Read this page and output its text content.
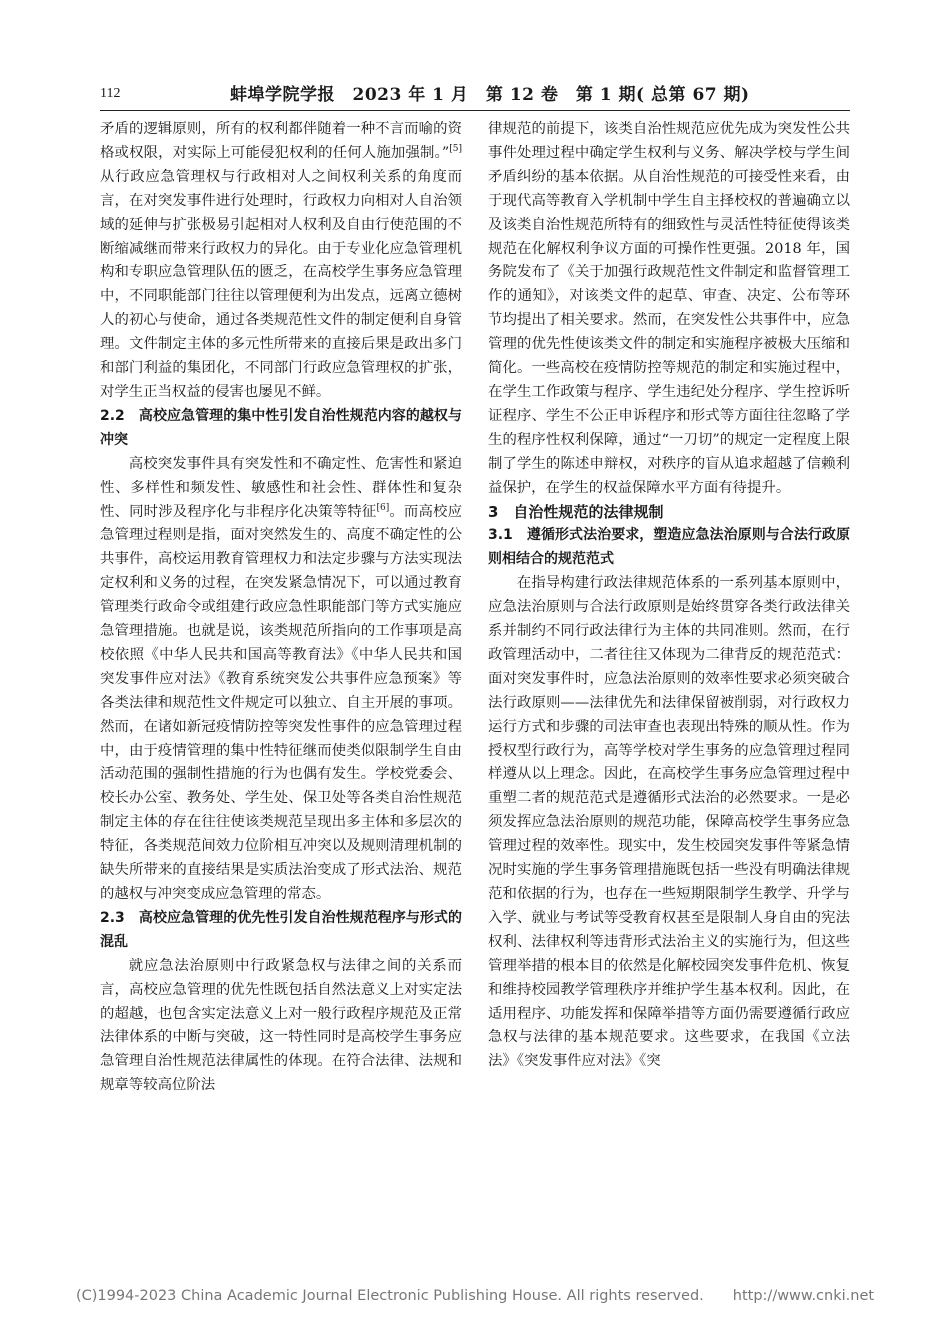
112	蚌埠学院学报　2023 年 1 月　第 12 卷　第 1 期( 总第 67 期)

矛盾的逻辑原则，所有的权利都伴随着一种不言而喻的资格或权限，对实际上可能侵犯权利的任何人施加强制。”[5] 从行政应急管理权与行政相对人之间权利关系的角度而言，在对突发事件进行处理时，行政权力向相对人自治领域的延伸与扩张极易引起相对人权利及自由行使范围的不断缩减继而带来行政权力的异化。由于专业化应急管理机构和专职应急管理队伍的匮乏，在高校学生事务应急管理中，不同职能部门往往以管理便利为出发点，远离立德树人的初心与使命，通过各类规范性文件的制定便利自身管理。文件制定主体的多元性所带来的直接后果是政出多门和部门利益的集团化，不同部门行政应急管理权的扩张，对学生正当权益的侵害也屡见不鲜。

2.2　高校应急管理的集中性引发自治性规范内容的越权与冲突

高校突发事件具有突发性和不确定性、危害性和紧迫性、多样性和频发性、敏感性和社会性、群体性和复杂性、同时涉及程序化与非程序化决策等特征[6]。而高校应急管理过程则是指，面对突然发生的、高度不确定性的公共事件，高校运用教育管理权力和法定步骤与方法实现法定权利和义务的过程，在突发紧急情况下，可以通过教育管理类行政命令或组建行政应急性职能部门等方式实施应急管理措施。也就是说，该类规范所指向的工作事项是高校依照《中华人民共和国高等教育法》《中华人民共和国突发事件应对法》《教育系统突发公共事件应急预案》等各类法律和规范性文件规定可以独立、自主开展的事项。然而，在诸如新冠疫情防控等突发性事件的应急管理过程中，由于疫情管理的集中性特征继而使类似限制学生自由活动范围的强制性措施的行为也偶有发生。学校党委会、校长办公室、教务处、学生处、保卫处等各类自治性规范制定主体的存在往往使该类规范呈现出多主体和多层次的特征，各类规范间效力位阶相互冲突以及规则清理机制的缺失所带来的直接结果是实质法治变成了形式法治、规范的越权与冲突变成应急管理的常态。

2.3　高校应急管理的优先性引发自治性规范程序与形式的混乱

就应急法治原则中行政紧急权与法律之间的关系而言，高校应急管理的优先性既包括自然法意义上对实定法的超越，也包含实定法意义上对一般行政程序规范及正常法律体系的中断与突破，这一特性同时是高校学生事务应急管理自治性规范法律属性的体现。在符合法律、法规和规章等较高位阶法

律规范的前提下，该类自治性规范应优先成为突发性公共事件处理过程中确定学生权利与义务、解决学校与学生间矛盾纠纷的基本依据。从自治性规范的可接受性来看，由于现代高等教育入学机制中学生自主择校权的普遍确立以及该类自治性规范所特有的细致性与灵活性特征使得该类规范在化解权利争议方面的可操作性更强。2018 年，国务院发布了《关于加强行政规范性文件制定和监督管理工作的通知》，对该类文件的起草、审查、决定、公布等环节均提出了相关要求。然而，在突发性公共事件中，应急管理的优先性使该类文件的制定和实施程序被极大压缩和简化。一些高校在疫情防控等规范的制定和实施过程中，在学生工作政策与程序、学生违纪处分程序、学生控诉听证程序、学生不公正申诉程序和形式等方面往往忽略了学生的程序性权利保障，通过“一刀切”的规定一定程度上限制了学生的陈述申辩权，对秩序的盲从追求超越了信赖利益保护，在学生的权益保障水平方面有待提升。

3　自治性规范的法律规制

3.1　遵循形式法治要求，塑造应急法治原则与合法行政原则相结合的规范范式

在指导构建行政法律规范体系的一系列基本原则中，应急法治原则与合法行政原则是始终贯穿各类行政法律关系并制约不同行政法律行为主体的共同准则。然而，在行政管理活动中，二者往往又体现为二律背反的规范范式：面对突发事件时，应急法治原则的效率性要求必须突破合法行政原则——法律优先和法律保留被削弱，对行政权力运行方式和步骤的司法审查也表现出特殊的顺从性。作为授权型行政行为，高等学校对学生事务的应急管理过程同样遵从以上理念。因此，在高校学生事务应急管理过程中重塑二者的规范范式是遵循形式法治的必然要求。一是必须发挥应急法治原则的规范功能，保障高校学生事务应急管理过程的效率性。现实中，发生校园突发事件等紧急情况时实施的学生事务管理措施既包括一些没有明确法律规范和依据的行为，也存在一些短期限制学生教学、升学与入学、就业与考试等受教育权甚至是限制人身自由的宪法权利、法律权利等违背形式法治主义的实施行为，但这些管理举措的根本目的依然是化解校园突发事件危机、恢复和维持校园教学管理秩序并维护学生基本权利。因此，在适用程序、功能发挥和保障举措等方面仍需要遵循行政应急权与法律的基本规范要求。这些要求，在我国《立法法》《突发事件应对法》《突

(C)1994-2023 China Academic Journal Electronic Publishing House. All rights reserved.　　http://www.cnki.net
